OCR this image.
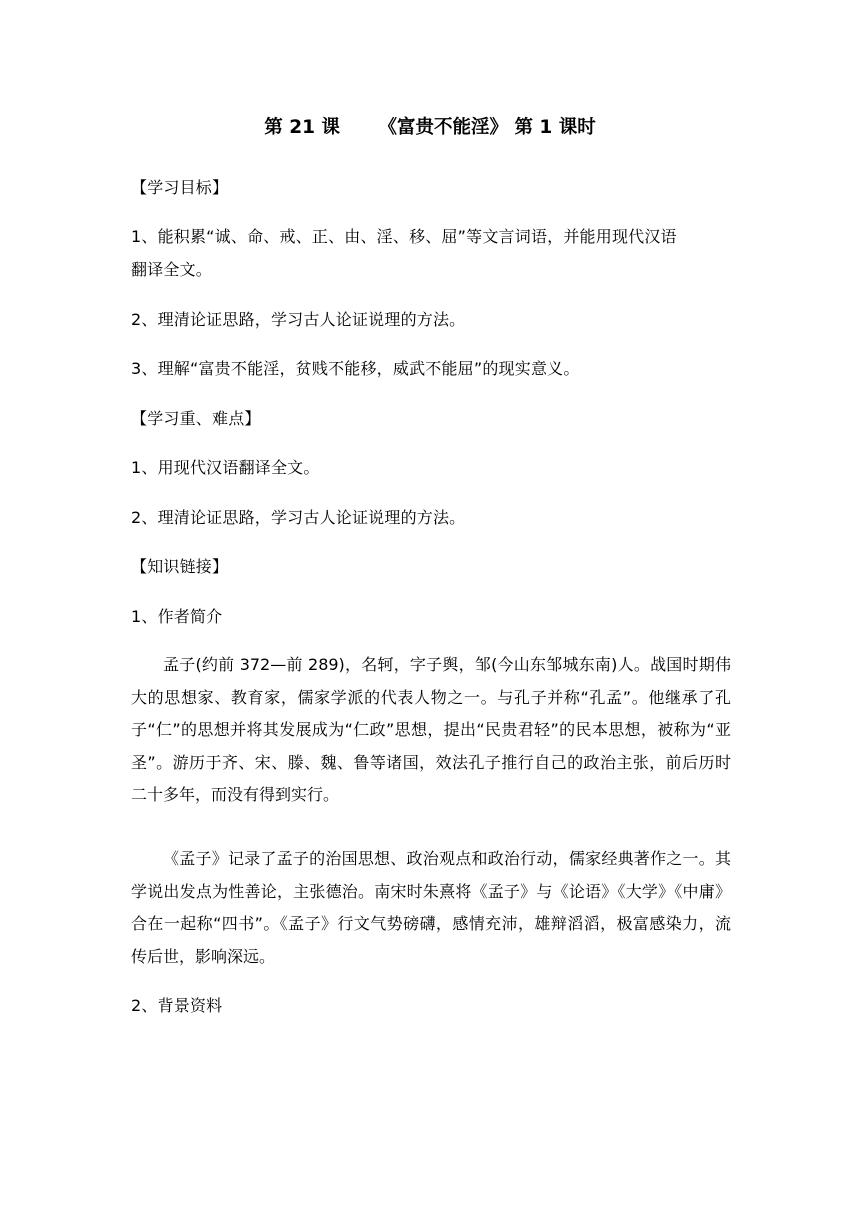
第 21 课      《富贵不能淫》 第 1 课时
【学习目标】
1、能积累“诚、命、戒、正、由、淫、移、屈”等文言词语，并能用现代汉语
翻译全文。
2、理清论证思路，学习古人论证说理的方法。
3、理解“富贵不能淫，贫贱不能移，威武不能屈”的现实意义。
【学习重、难点】
1、用现代汉语翻译全文。
2、理清论证思路，学习古人论证说理的方法。
【知识链接】
1、作者简介
孟子(约前 372—前 289)，名轲，字子舆，邹(今山东邹城东南)人。战国时期伟大的思想家、教育家，儒家学派的代表人物之一。与孔子并称“孔孟”。他继承了孔子“仁”的思想并将其发展成为“仁政”思想，提出“民贵君轻”的民本思想，被称为“亚圣”。游历于齐、宋、滕、魏、鲁等诸国，效法孔子推行自己的政治主张，前后历时二十多年，而没有得到实行。
《孟子》记录了孟子的治国思想、政治观点和政治行动，儒家经典著作之一。其学说出发点为性善论，主张德治。南宋时朱熹将《孟子》与《论语》《大学》《中庸》合在一起称“四书”。《孟子》行文气势磅礴，感情充沛，雄辩滔滔，极富感染力，流传后世，影响深远。
2、背景资料
